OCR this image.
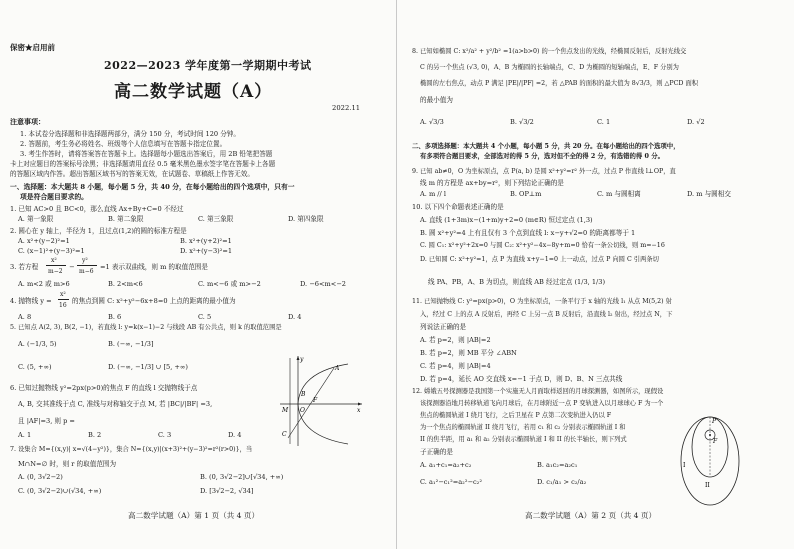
保密★启用前
2022—2023 学年度第一学期期中考试
高二数学试题（A）
2022.11
注意事项：
1. 本试卷分选择题和非选择题两部分，满分 150 分，考试时间 120 分钟。
2. 答题前，考生务必将姓名、班级等个人信息填写在答题卡指定位置。
3. 考生作答时，请将答案答在答题卡上。选择题每小题选出答案后，用 2B 铅笔把答题
卡上对应题目的答案标号涂黑；非选择题请用直径 0.5 毫米黑色墨水签字笔在答题卡上各题
的答题区域内作答。超出答题区域书写的答案无效，在试题卷、草稿纸上作答无效。
一、选择题：本大题共 8 小题，每小题 5 分，共 40 分，在每小题给出的四个选项中，只有一
项是符合题目要求的。
1. 已知 AC>0 且 BC<0，那么直线 Ax+By+C=0 不经过
A. 第一象限	B. 第二象限	C. 第三象限	D. 第四象限
2. 圆心在 y 轴上，半径为 1，且过点(1,2)的圆的标准方程是
A. x²+(y−2)²=1	B. x²+(y+2)²=1
C. (x−1)²+(y−3)²=1	D. x²+(y−3)²=1
3. 若方程
x²
m−2
−
y²
m−6
=1 表示双曲线，则 m 的取值范围是
A. m<2 或 m>6	B. 2<m<6	C. m<−6 或 m>−2	D. −6<m<−2
4. 抛物线 y =
x²
16
的焦点到圆 C: x²+y²−6x+8=0 上点的距离的最小值为
A. 8	B. 6	C. 5	D. 4
5. 已知点 A(2, 3), B(2, −1)，若直线 l: y=k(x−1)−2 与线段 AB 有公共点，则 k 的取值范围是
A. (−1/3, 5)	B. (−∞, −1/3]
C. (5, +∞)	D. (−∞, −1/3] ∪ [5, +∞)
6. 已知过抛物线 y²=2px(p>0)的焦点 F 的直线 l 交抛物线于点
A, B, 交其准线于点 C, 准线与对称轴交于点 M, 若 |BC|/|BF| =3,
且 |AF|=3, 则 p =
A. 1	B. 2	C. 3	D. 4
y
A
F
B
M O
C
x
7. 设集合 M={(x,y)| x=√(4−y²)}，集合 N={(x,y)|(x+3)²+(y−3)²=r²(r>0)}，当
M∩N=∅ 时，则 r 的取值范围为
A. (0, 3√2−2)	B. (0, 3√2−2]∪[√34, +∞)
C. (0, 3√2−2)∪(√34, +∞)	D. [3√2−2, √34]
高二数学试题（A）第 1 页（共 4 页）
8. 已知如椭圆 C: x²/a² + y²/b² =1(a>b>0) 的一个焦点发出的光线，经椭圆反射后，反射光线交
C 的另一个焦点 (√3, 0)，A、B 为椭圆的长轴端点，C、D 为椭圆的短轴端点，E、F 分别为
椭圆的左右焦点，动点 P 满足 |PE|/|PF| =2，若 △PAB 的面积的最大值为 8√3/3，则 △PCD 面积
的最小值为
A. √3/3	B. √3/2	C. 1	D. √2
二、多项选择题：本大题共 4 个小题，每小题 5 分，共 20 分。在每小题给出的四个选项中，
有多项符合题目要求，全部选对的得 5 分，选对但不全的得 2 分，有选错的得 0 分。
9. 已知 ab≠0，O 为坐标原点，点 P(a, b) 是圆 x²+y²=r² 外一点，过点 P 作直线 l⊥OP，直
线 m 的方程是 ax+by=r²，则下列结论正确的是
A. m // l	B. OP⊥m	C. m 与圆相离	D. m 与圆相交
10. 以下四个命题表述正确的是
A. 直线 (1+3m)x−(1+m)y+2=0 (m∈R) 恒过定点 (1,3)
B. 圆 x²+y²=4 上有且仅有 3 个点到直线 l: x−y+√2=0 的距离都等于 1
C. 圆 C₁: x²+y²+2x=0 与圆 C₂: x²+y²−4x−8y+m=0 恰有一条公切线，则 m=−16
D. 已知圆 C: x²+y²=1，点 P 为直线 x+y−1=0 上一动点，过点 P 向圆 C 引两条切
线 PA、PB，A、B 为切点，则直线 AB 经过定点 (1/3, 1/3)
11. 已知抛物线 C: y²=px(p>0)，O 为坐标原点，一条平行于 x 轴的光线 l₁ 从点 M(5,2) 射
入，经过 C 上的点 A 反射后，再经 C 上另一点 B 反射后，沿直线 l₂ 射出，经过点 N，下
列说法正确的是
A. 若 p=2，则 |AB|=2
B. 若 p=2，则 MB 平分 ∠ABN
C. 若 p=4，则 |AB|=4
D. 若 p=4，延长 AO 交直线 x=−1 于点 D，则 D、B、N 三点共线
12. 嫦娥五号探测器是我国第一个实施无人月面取样返回的月球探测器，如图所示，现假设
该探测器沿地月转移轨道飞向月球后，在月球附近一点 P 变轨进入以月球球心 F 为一个
焦点的椭圆轨道 I 绕月飞行，之后卫星在 P 点第二次变轨进入仍以 F
为一个焦点的椭圆轨道 II 绕月飞行，若用 c₁ 和 c₂ 分别表示椭圆轨道 I 和
II 的焦半距，用 a₁ 和 a₂ 分别表示椭圆轨道 I 和 II 的长半轴长，则下列式
子正确的是
A. a₁+c₁=a₂+c₂	B. a₁c₂=a₂c₁
C. a₁²−c₁²=a₂²−c₂²	D. c₁/a₁ > c₂/a₂
P
F
I
II
高二数学试题（A）第 2 页（共 4 页）
